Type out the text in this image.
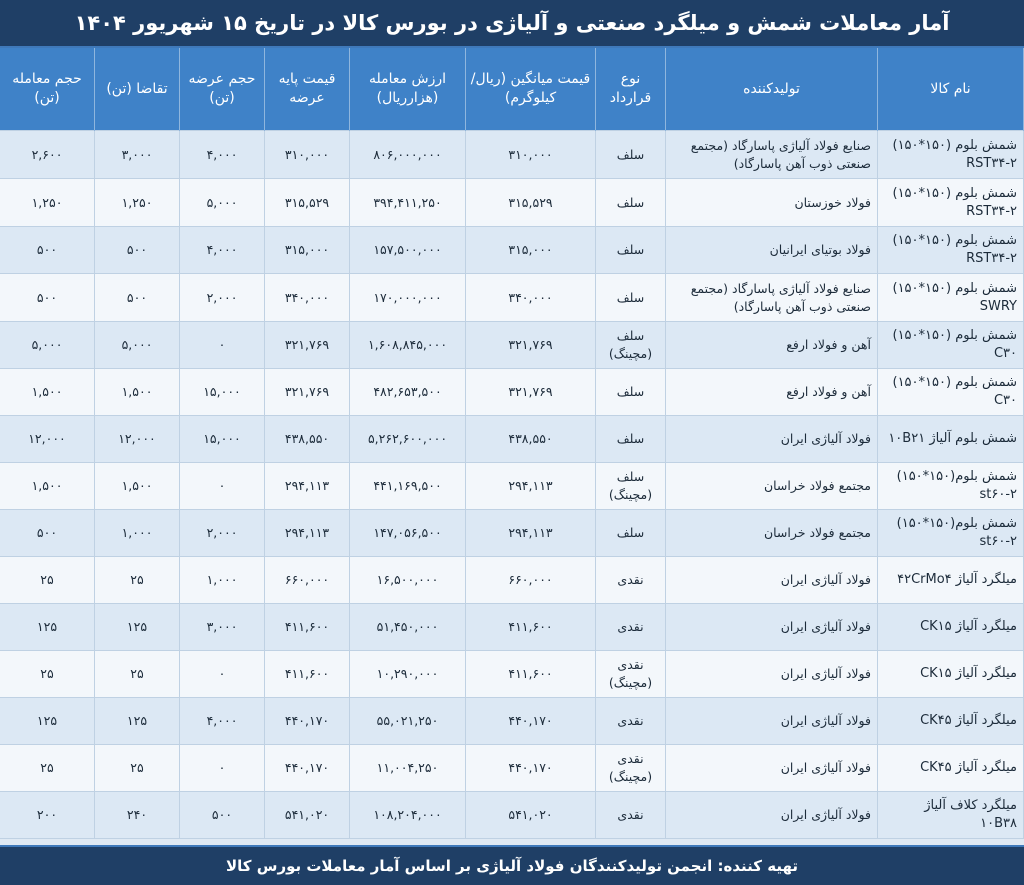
آمار معاملات شمش و میلگرد صنعتی و آلیاژی در بورس کالا در تاریخ ۱۵ شهریور ۱۴۰۴
نام کالا	تولیدکننده	نوع قرارداد	قیمت میانگین (ریال/ کیلوگرم)	ارزش معامله (هزارریال)	قیمت پایه عرضه	حجم عرضه (تن)	تقاضا (تن)	حجم معامله (تن)
شمش بلوم (۱۵۰*۱۵۰) RST۳۴-۲	صنایع فولاد آلیاژی پاسارگاد (مجتمع صنعتی ذوب آهن پاسارگاد)	سلف	۳۱۰,۰۰۰	۸۰۶,۰۰۰,۰۰۰	۳۱۰,۰۰۰	۴,۰۰۰	۳,۰۰۰	۲,۶۰۰
شمش بلوم (۱۵۰*۱۵۰) RST۳۴-۲	فولاد خوزستان	سلف	۳۱۵,۵۲۹	۳۹۴,۴۱۱,۲۵۰	۳۱۵,۵۲۹	۵,۰۰۰	۱,۲۵۰	۱,۲۵۰
شمش بلوم (۱۵۰*۱۵۰) RST۳۴-۲	فولاد بوتیای ایرانیان	سلف	۳۱۵,۰۰۰	۱۵۷,۵۰۰,۰۰۰	۳۱۵,۰۰۰	۴,۰۰۰	۵۰۰	۵۰۰
شمش بلوم (۱۵۰*۱۵۰) SWRY	صنایع فولاد آلیاژی پاسارگاد (مجتمع صنعتی ذوب آهن پاسارگاد)	سلف	۳۴۰,۰۰۰	۱۷۰,۰۰۰,۰۰۰	۳۴۰,۰۰۰	۲,۰۰۰	۵۰۰	۵۰۰
شمش بلوم (۱۵۰*۱۵۰) C۳۰	آهن و فولاد ارفع	سلف (مچینگ)	۳۲۱,۷۶۹	۱,۶۰۸,۸۴۵,۰۰۰	۳۲۱,۷۶۹	۰	۵,۰۰۰	۵,۰۰۰
شمش بلوم (۱۵۰*۱۵۰) C۳۰	آهن و فولاد ارفع	سلف	۳۲۱,۷۶۹	۴۸۲,۶۵۳,۵۰۰	۳۲۱,۷۶۹	۱۵,۰۰۰	۱,۵۰۰	۱,۵۰۰
شمش بلوم آلیاژ ۱۰B۲۱	فولاد آلیاژی ایران	سلف	۴۳۸,۵۵۰	۵,۲۶۲,۶۰۰,۰۰۰	۴۳۸,۵۵۰	۱۵,۰۰۰	۱۲,۰۰۰	۱۲,۰۰۰
شمش بلوم(۱۵۰*۱۵۰) st۶۰-۲	مجتمع فولاد خراسان	سلف (مچینگ)	۲۹۴,۱۱۳	۴۴۱,۱۶۹,۵۰۰	۲۹۴,۱۱۳	۰	۱,۵۰۰	۱,۵۰۰
شمش بلوم(۱۵۰*۱۵۰) st۶۰-۲	مجتمع فولاد خراسان	سلف	۲۹۴,۱۱۳	۱۴۷,۰۵۶,۵۰۰	۲۹۴,۱۱۳	۲,۰۰۰	۱,۰۰۰	۵۰۰
میلگرد آلیاژ ۴۲CrMo۴	فولاد آلیاژی ایران	نقدی	۶۶۰,۰۰۰	۱۶,۵۰۰,۰۰۰	۶۶۰,۰۰۰	۱,۰۰۰	۲۵	۲۵
میلگرد آلیاژ CK۱۵	فولاد آلیاژی ایران	نقدی	۴۱۱,۶۰۰	۵۱,۴۵۰,۰۰۰	۴۱۱,۶۰۰	۳,۰۰۰	۱۲۵	۱۲۵
میلگرد آلیاژ CK۱۵	فولاد آلیاژی ایران	نقدی (مچینگ)	۴۱۱,۶۰۰	۱۰,۲۹۰,۰۰۰	۴۱۱,۶۰۰	۰	۲۵	۲۵
میلگرد آلیاژ CK۴۵	فولاد آلیاژی ایران	نقدی	۴۴۰,۱۷۰	۵۵,۰۲۱,۲۵۰	۴۴۰,۱۷۰	۴,۰۰۰	۱۲۵	۱۲۵
میلگرد آلیاژ CK۴۵	فولاد آلیاژی ایران	نقدی (مچینگ)	۴۴۰,۱۷۰	۱۱,۰۰۴,۲۵۰	۴۴۰,۱۷۰	۰	۲۵	۲۵
میلگرد کلاف آلیاژ ۱۰B۳۸	فولاد آلیاژی ایران	نقدی	۵۴۱,۰۲۰	۱۰۸,۲۰۴,۰۰۰	۵۴۱,۰۲۰	۵۰۰	۲۴۰	۲۰۰
تهیه کننده: انجمن تولیدکنندگان فولاد آلیاژی بر اساس آمار معاملات بورس کالا
